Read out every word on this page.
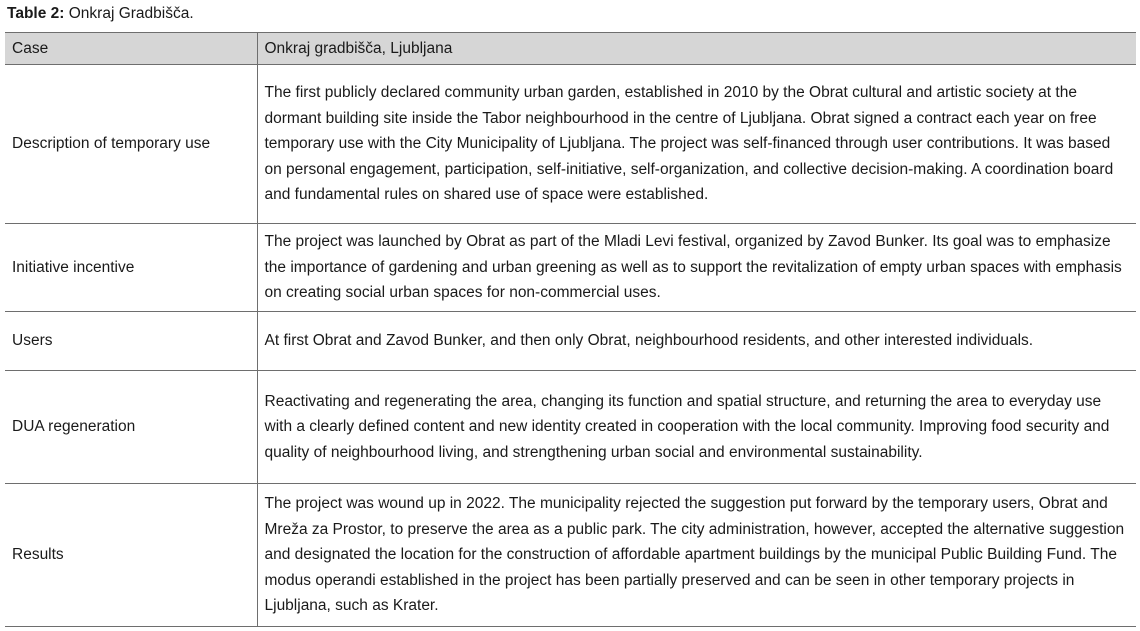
Table 2: Onkraj Gradbišča.
Case	Onkraj gradbišča, Ljubljana
Description of temporary use	The first publicly declared community urban garden, established in 2010 by the Obrat cultural and artistic society at the dormant building site inside the Tabor neighbourhood in the centre of Ljubljana. Obrat signed a contract each year on free temporary use with the City Municipality of Ljubljana. The project was self-financed through user contributions. It was based on personal engagement, participation, self-initiative, self-organization, and collective decision-making. A coordination board and fundamental rules on shared use of space were established.
Initiative incentive	The project was launched by Obrat as part of the Mladi Levi festival, organized by Zavod Bunker. Its goal was to emphasize the importance of gardening and urban greening as well as to support the revitalization of empty urban spaces with emphasis on creating social urban spaces for non-commercial uses.
Users	At first Obrat and Zavod Bunker, and then only Obrat, neighbourhood residents, and other interested individuals.
DUA regeneration	Reactivating and regenerating the area, changing its function and spatial structure, and returning the area to everyday use with a clearly defined content and new identity created in cooperation with the local community. Improving food security and quality of neighbourhood living, and strengthening urban social and environmental sustainability.
Results	The project was wound up in 2022. The municipality rejected the suggestion put forward by the temporary users, Obrat and Mreža za Prostor, to preserve the area as a public park. The city administration, however, accepted the alternative suggestion and designated the location for the construction of affordable apartment buildings by the municipal Public Building Fund. The modus operandi established in the project has been partially preserved and can be seen in other temporary projects in Ljubljana, such as Krater.
